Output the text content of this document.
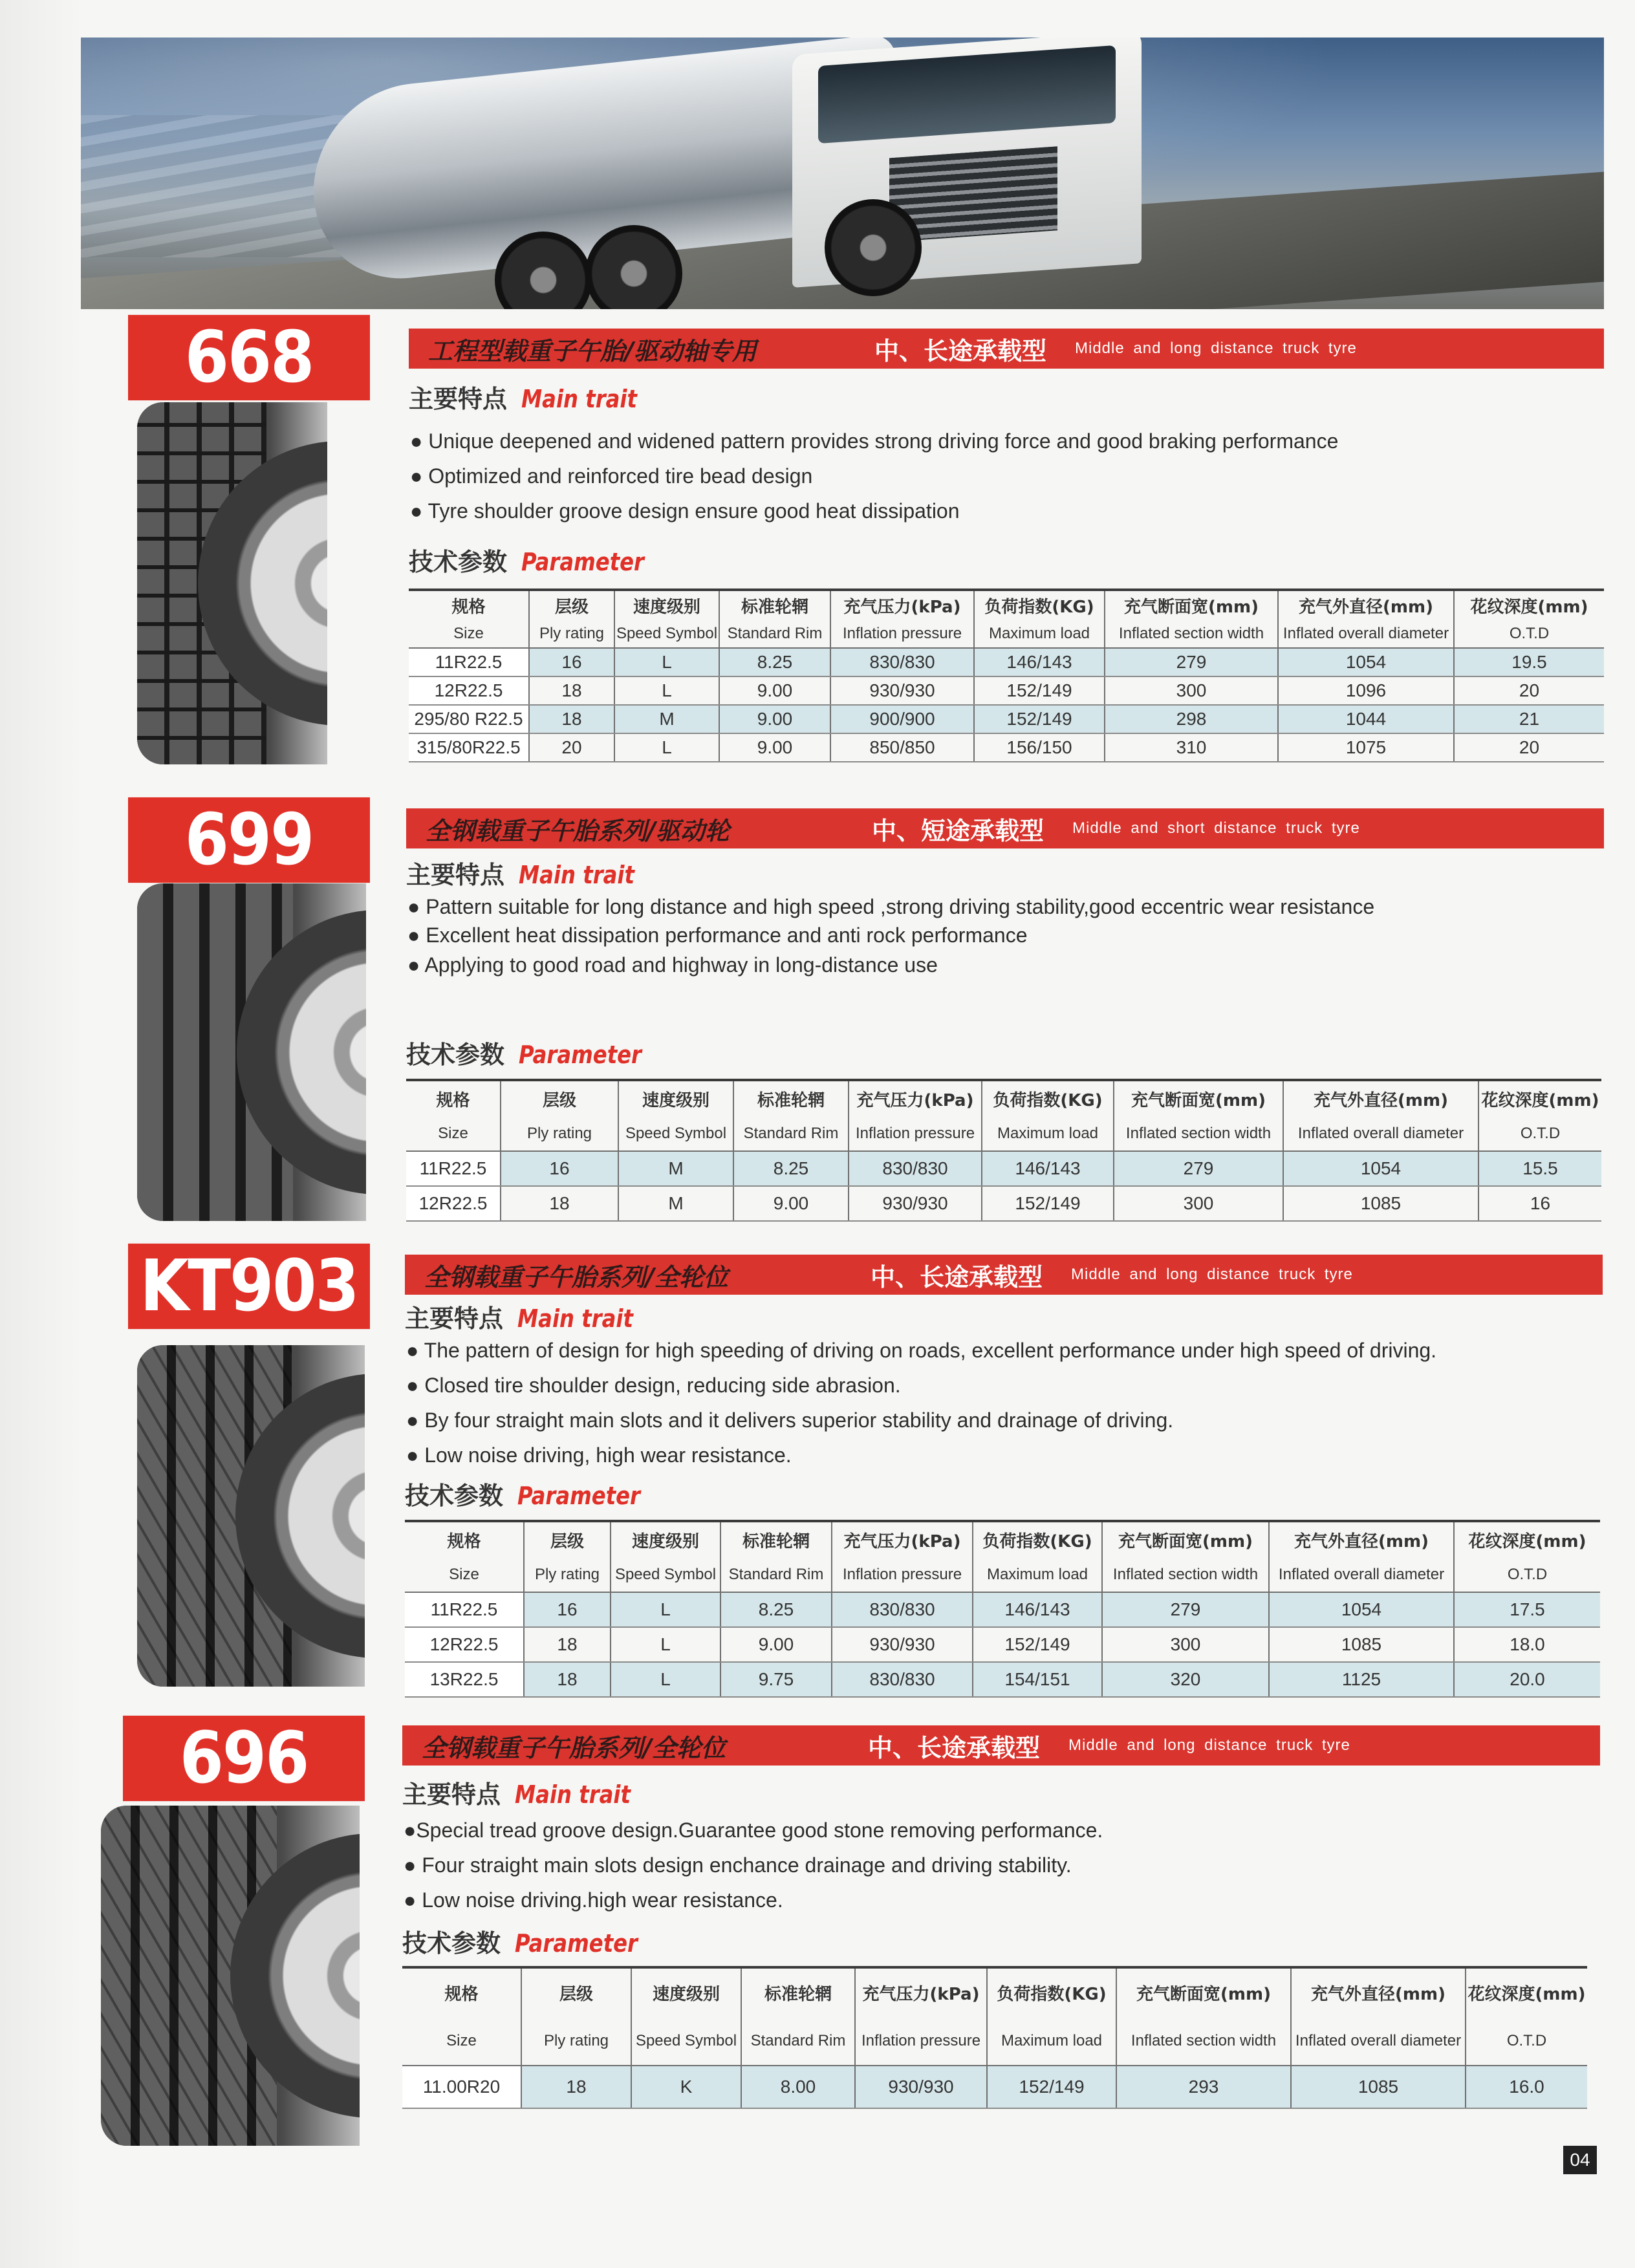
668	工程型载重子午胎/驱动轴专用	中、长途承载型	Middle and long distance truck tyre
主要特点 Main trait
● Unique deepened and widened pattern provides strong driving force and good braking performance
● Optimized and reinforced tire bead design
● Tyre shoulder groove design ensure good heat dissipation
技术参数 Parameter
规格	层级	速度级别	标准轮辋	充气压力(kPa)	负荷指数(KG)	充气断面宽(mm)	充气外直径(mm)	花纹深度(mm)
Size	Ply rating	Speed Symbol	Standard Rim	Inflation pressure	Maximum load	Inflated section width	Inflated overall diameter	O.T.D
11R22.5	16	L	8.25	830/830	146/143	279	1054	19.5
12R22.5	18	L	9.00	930/930	152/149	300	1096	20
295/80 R22.5	18	M	9.00	900/900	152/149	298	1044	21
315/80R22.5	20	L	9.00	850/850	156/150	310	1075	20
699	全钢载重子午胎系列/驱动轮	中、短途承载型	Middle and short distance truck tyre
主要特点 Main trait
● Pattern suitable for long distance and high speed ,strong driving stability,good eccentric wear resistance
● Excellent heat dissipation performance and anti rock performance
● Applying to good road and highway in long-distance use
技术参数 Parameter
规格	层级	速度级别	标准轮辋	充气压力(kPa)	负荷指数(KG)	充气断面宽(mm)	充气外直径(mm)	花纹深度(mm)
Size	Ply rating	Speed Symbol	Standard Rim	Inflation pressure	Maximum load	Inflated section width	Inflated overall diameter	O.T.D
11R22.5	16	M	8.25	830/830	146/143	279	1054	15.5
12R22.5	18	M	9.00	930/930	152/149	300	1085	16
KT903	全钢载重子午胎系列/全轮位	中、长途承载型	Middle and long distance truck tyre
主要特点 Main trait
● The pattern of design for high speeding of driving on roads, excellent performance under high speed of driving.
● Closed tire shoulder design, reducing side abrasion.
● By four straight main slots and it delivers superior stability and drainage of driving.
● Low noise driving, high wear resistance.
技术参数 Parameter
规格	层级	速度级别	标准轮辋	充气压力(kPa)	负荷指数(KG)	充气断面宽(mm)	充气外直径(mm)	花纹深度(mm)
Size	Ply rating	Speed Symbol	Standard Rim	Inflation pressure	Maximum load	Inflated section width	Inflated overall diameter	O.T.D
11R22.5	16	L	8.25	830/830	146/143	279	1054	17.5
12R22.5	18	L	9.00	930/930	152/149	300	1085	18.0
13R22.5	18	L	9.75	830/830	154/151	320	1125	20.0
696	全钢载重子午胎系列/全轮位	中、长途承载型	Middle and long distance truck tyre
主要特点 Main trait
●Special tread groove design.Guarantee good stone removing performance.
● Four straight main slots design enchance drainage and driving stability.
● Low noise driving.high wear resistance.
技术参数 Parameter
规格	层级	速度级别	标准轮辋	充气压力(kPa)	负荷指数(KG)	充气断面宽(mm)	充气外直径(mm)	花纹深度(mm)
Size	Ply rating	Speed Symbol	Standard Rim	Inflation pressure	Maximum load	Inflated section width	Inflated overall diameter	O.T.D
11.00R20	18	K	8.00	930/930	152/149	293	1085	16.0
04
